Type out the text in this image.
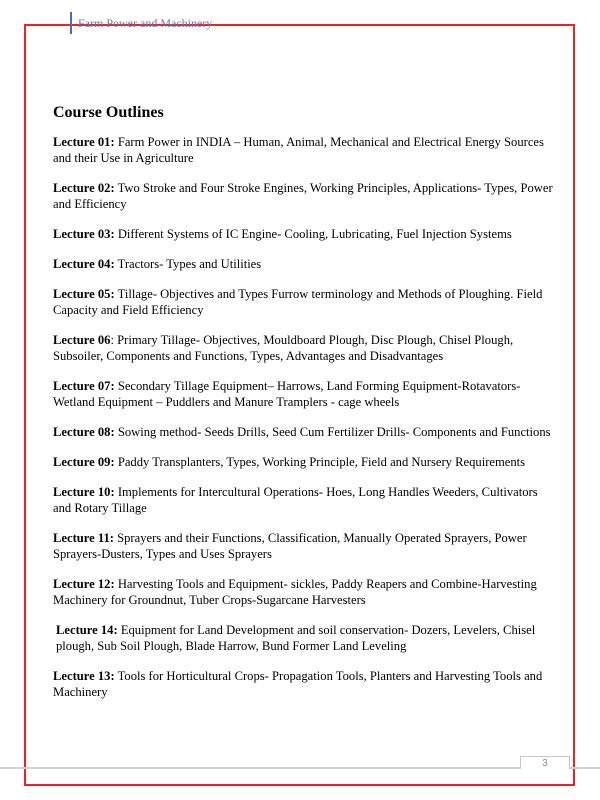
Farm Power and Machinery
Course Outlines

Lecture 01: Farm Power in INDIA – Human, Animal, Mechanical and Electrical Energy Sources and their Use in Agriculture

Lecture 02: Two Stroke and Four Stroke Engines, Working Principles, Applications- Types, Power and Efficiency

Lecture 03: Different Systems of IC Engine- Cooling, Lubricating, Fuel Injection Systems

Lecture 04: Tractors- Types and Utilities

Lecture 05: Tillage- Objectives and Types Furrow terminology and Methods of Ploughing. Field Capacity and Field Efficiency

Lecture 06: Primary Tillage- Objectives, Mouldboard Plough, Disc Plough, Chisel Plough, Subsoiler, Components and Functions, Types, Advantages and Disadvantages

Lecture 07: Secondary Tillage Equipment– Harrows, Land Forming Equipment-Rotavators- Wetland Equipment – Puddlers and Manure Tramplers - cage wheels

Lecture 08: Sowing method- Seeds Drills, Seed Cum Fertilizer Drills- Components and Functions

Lecture 09: Paddy Transplanters, Types, Working Principle, Field and Nursery Requirements

Lecture 10: Implements for Intercultural Operations- Hoes, Long Handles Weeders, Cultivators and Rotary Tillage

Lecture 11: Sprayers and their Functions, Classification, Manually Operated Sprayers, Power Sprayers-Dusters, Types and Uses Sprayers

Lecture 12: Harvesting Tools and Equipment- sickles, Paddy Reapers and Combine-Harvesting Machinery for Groundnut, Tuber Crops-Sugarcane Harvesters

Lecture 14: Equipment for Land Development and soil conservation- Dozers, Levelers, Chisel plough, Sub Soil Plough, Blade Harrow, Bund Former Land Leveling

Lecture 13: Tools for Horticultural Crops- Propagation Tools, Planters and Harvesting Tools and Machinery

3
